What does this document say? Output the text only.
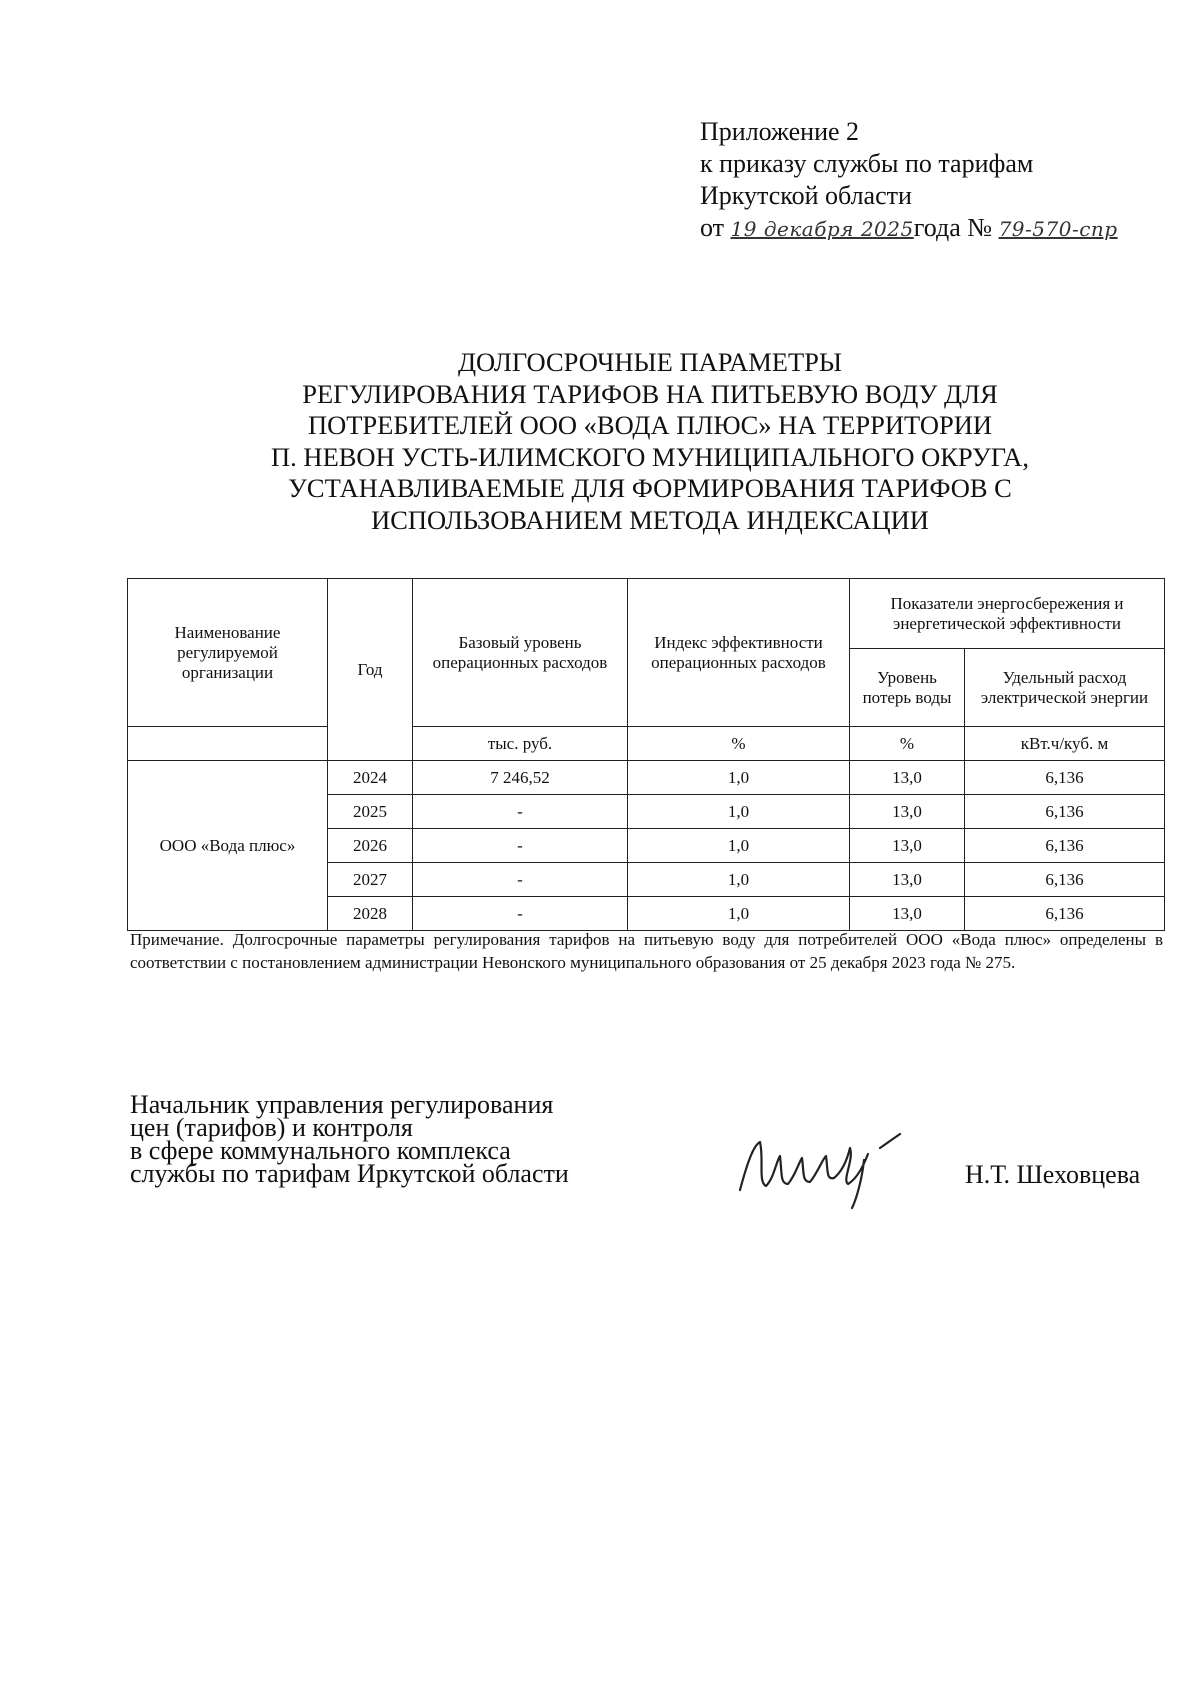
Приложение 2
к приказу службы по тарифам
Иркутской области
от 19 декабря 2025года № 79-570-спр
ДОЛГОСРОЧНЫЕ ПАРАМЕТРЫ
РЕГУЛИРОВАНИЯ ТАРИФОВ НА ПИТЬЕВУЮ ВОДУ ДЛЯ
ПОТРЕБИТЕЛЕЙ ООО «ВОДА ПЛЮС» НА ТЕРРИТОРИИ
П. НЕВОН УСТЬ-ИЛИМСКОГО МУНИЦИПАЛЬНОГО ОКРУГА,
УСТАНАВЛИВАЕМЫЕ ДЛЯ ФОРМИРОВАНИЯ ТАРИФОВ С
ИСПОЛЬЗОВАНИЕМ МЕТОДА ИНДЕКСАЦИИ
Наименование регулируемой организации	Год	Базовый уровень операционных расходов	Индекс эффективности операционных расходов	Показатели энергосбережения и энергетической эффективности	
				Уровень потерь воды	Удельный расход электрической энергии
		тыс. руб.	%	%	кВт.ч/куб. м
ООО «Вода плюс»	2024	7 246,52	1,0	13,0	6,136
	2025	-	1,0	13,0	6,136
	2026	-	1,0	13,0	6,136
	2027	-	1,0	13,0	6,136
	2028	-	1,0	13,0	6,136
Примечание. Долгосрочные параметры регулирования тарифов на питьевую воду для потребителей ООО «Вода плюс» определены в соответствии с постановлением администрации Невонского муниципального образования от 25 декабря 2023 года № 275.
Начальник управления регулирования
цен (тарифов) и контроля
в сфере коммунального комплекса
службы по тарифам Иркутской области	Н.Т. Шеховцева
